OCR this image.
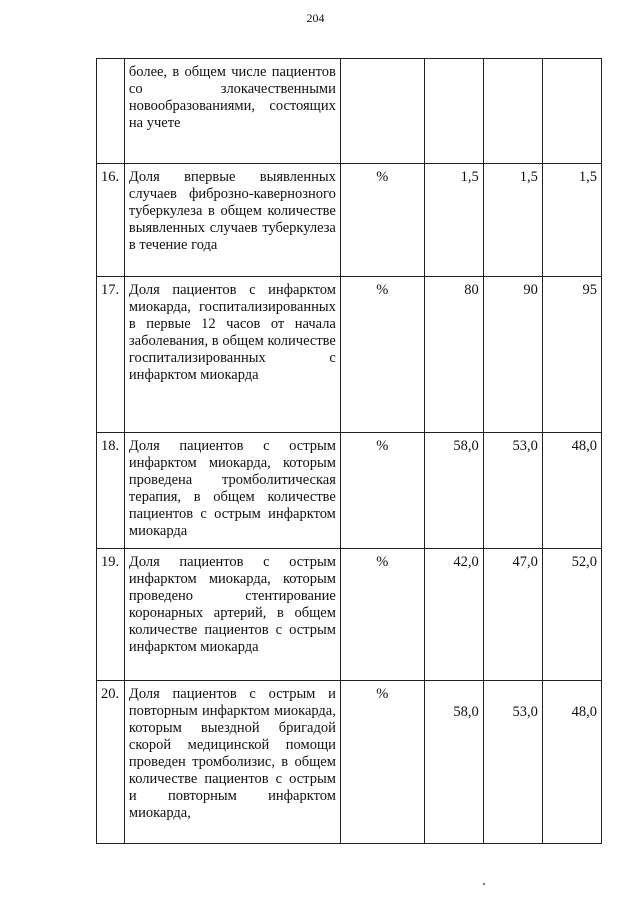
204
	более, в общем числе пациентов со злокачественными новообразованиями, состоящих на учете				
16.	Доля впервые выявленных случаев фиброзно-кавернозного туберкулеза в общем количестве выявленных случаев туберкулеза в течение года	%	1,5	1,5	1,5
17.	Доля пациентов с инфарктом миокарда, госпитализированных в первые 12 часов от начала заболевания, в общем количестве госпитализированных с инфарктом миокарда	%	80	90	95
18.	Доля пациентов с острым инфарктом миокарда, которым проведена тромболитическая терапия, в общем количестве пациентов с острым инфарктом миокарда	%	58,0	53,0	48,0
19.	Доля пациентов с острым инфарктом миокарда, которым проведено стентирование коронарных артерий, в общем количестве пациентов с острым инфарктом миокарда	%	42,0	47,0	52,0
20.	Доля пациентов с острым и повторным инфарктом миокарда, которым выездной бригадой скорой медицинской помощи проведен тромболизис, в общем количестве пациентов с острым и повторным инфарктом миокарда,	%	58,0	53,0	48,0
